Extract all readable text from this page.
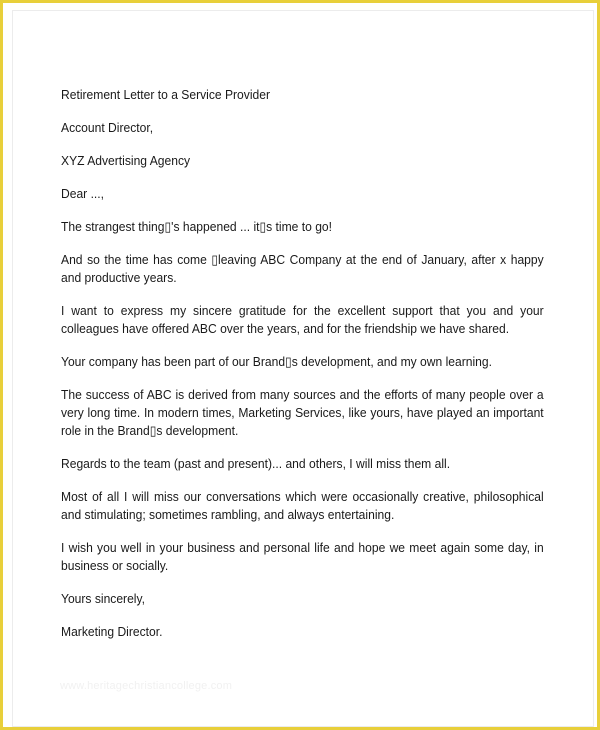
Retirement Letter to a Service Provider

Account Director,

XYZ Advertising Agency

Dear ...,

The strangest thing▯'s happened ... it▯s time to go!

And so the time has come ▯leaving ABC Company at the end of January, after x happy and productive years.

I want to express my sincere gratitude for the excellent support that you and your colleagues have offered ABC over the years, and for the friendship we have shared.

Your company has been part of our Brand▯s development, and my own learning.

The success of ABC is derived from many sources and the efforts of many people over a very long time. In modern times, Marketing Services, like yours, have played an important role in the Brand▯s development.

Regards to the team (past and present)... and others, I will miss them all.

Most of all I will miss our conversations which were occasionally creative, philosophical and stimulating; sometimes rambling, and always entertaining.

I wish you well in your business and personal life and hope we meet again some day, in business or socially.

Yours sincerely,

Marketing Director.

www.heritagechristiancollege.com
